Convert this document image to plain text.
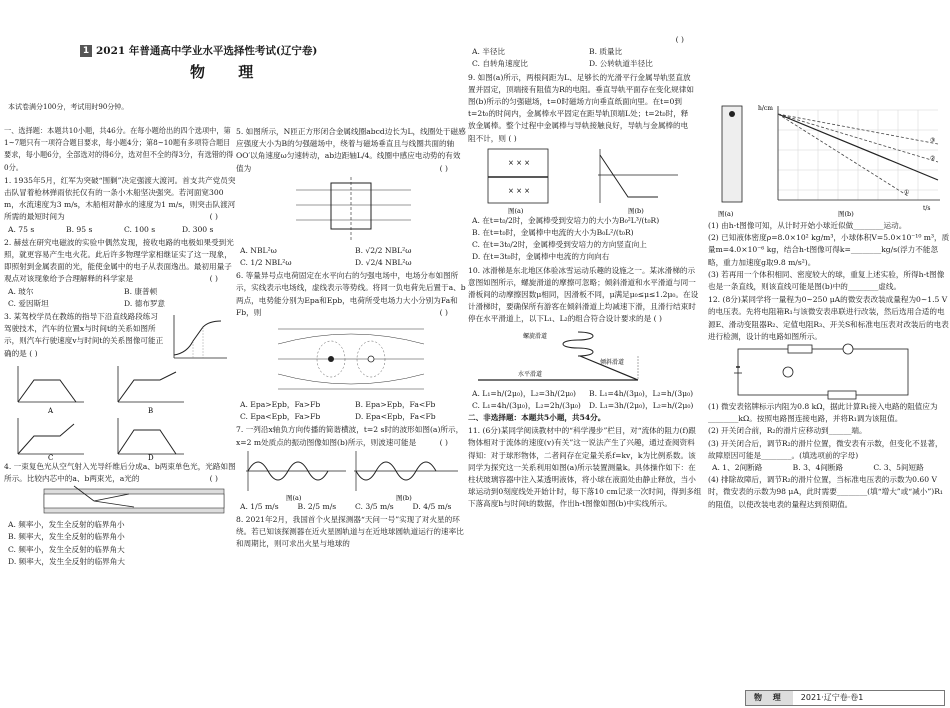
1 2021 年普通高中学业水平选择性考试(辽宁卷)
物 理
本试卷满分100分，考试用时90分钟。

一、选择题：本题共10小题，共46分。在每小题给出的四个选项中，第1~7题只有一项符合题目要求，每小题4分；第8~10题有多项符合题目要求，每小题6分，全部选对的得6分，选对但不全的得3分，有选错的得0分。

1. 1935年5月，红军为突破“围剿”决定强渡大渡河。首支共产党员突击队冒着枪林弹雨依托仅有的一条小木船坚决强突。若河面宽300 m，水流速度为3 m/s，木船相对静水的速度为1 m/s，则突击队渡河所需的最短时间为	( )

A. 75 s	B. 95 s	C. 100 s	D. 300 s

2. 赫兹在研究电磁波的实验中偶然发现，接收电路的电极如果受到光照，就更容易产生电火花。此后许多物理学家相继证实了这一现象，即照射到金属表面的光，能使金属中的电子从表面逸出。最初用量子观点对该现象给予合理解释的科学家是	( )

A. 玻尔	B. 康普顿
C. 爱因斯坦	D. 德布罗意

3. 某驾校学员在教练的指导下沿直线路段练习驾驶技术，汽车的位置x与时间t的关系如图所示，则汽车行驶速度v与时间t的关系图像可能正确的是 ( )

A	B
C	D

4. 一束复色光从空气射入光导纤维后分成a、b两束单色光，光路如图所示。比较内芯中的a、b两束光，a光的	( )

A. 频率小，发生全反射的临界角小

B. 频率大，发生全反射的临界角小

C. 频率小，发生全反射的临界角大

D. 频率大，发生全反射的临界角大

5. 如图所示，N匝正方形闭合金属线圈abcd边长为L，线圈处于磁感应强度大小为B的匀强磁场中，绕着与磁场垂直且与线圈共面的轴OO′以角速度ω匀速转动，ab边距轴L/4。线圈中感应电动势的有效值为	( )

A. NBL²ω	B. √2/2 NBL²ω
C. 1/2 NBL²ω	D. √2/4 NBL²ω

6. 等量异号点电荷固定在水平向右的匀强电场中，电场分布如图所示，实线表示电场线，虚线表示等势线。将同一负电荷先后置于a、b两点，电势能分别为Epa和Epb，电荷所受电场力大小分别为Fa和Fb，则	( )

A. Epa>Epb，Fa>Fb	B. Epa>Epb，Fa<Fb
C. Epa<Epb，Fa>Fb	D. Epa<Epb，Fa<Fb

7. 一列沿x轴负方向传播的简谐横波，t=2 s时的波形如图(a)所示，x=2 m处质点的振动图像如图(b)所示，则波速可能是	( )

图(a)	图(b)
A. 1/5 m/s	B. 2/5 m/s	C. 3/5 m/s	D. 4/5 m/s

8. 2021年2月，我国首个火星探测器“天问一号”实现了对火星的环绕。若已知该探测器在近火星圆轨道与在近地球圆轨道运行的速率比和周期比，则可求出火星与地球的

( )

A. 半径比	B. 质量比
C. 自转角速度比	D. 公转轨道半径比

9. 如图(a)所示，两根间距为L、足够长的光滑平行金属导轨竖直放置并固定，顶端接有阻值为R的电阻。垂直导轨平面存在变化规律如图(b)所示的匀强磁场，t=0时磁场方向垂直纸面向里。在t=0到t=2t₀的时间内，金属棒水平固定在距导轨顶端L处；t=2t₀时，释放金属棒。整个过程中金属棒与导轨接触良好，导轨与金属棒的电阻不计，则 ( )

× × ×
× × ×
图(a)	图(b)

A. 在t=t₀/2时，金属棒受到安培力的大小为B₀²L³/(t₀R)

B. 在t=t₀时，金属棒中电流的大小为B₀L²/(t₀R)

C. 在t=3t₀/2时，金属棒受到安培力的方向竖直向上

D. 在t=3t₀时，金属棒中电流的方向向右

10. 冰滑梯是东北地区体验冰雪运动乐趣的设施之一。某冰滑梯的示意图如图所示，螺旋滑道的摩擦可忽略；倾斜滑道和水平滑道与同一滑板间的动摩擦因数μ相同，因滑板不同，μ满足μ₀≤μ≤1.2μ₀。在设计滑梯时，要确保所有游客在倾斜滑道上均减速下滑，且滑行结束时停在水平滑道上，以下L₁、L₂的组合符合设计要求的是 ( )

螺旋滑道
倾斜滑道
水平滑道
A. L₁=h/(2μ₀)，L₂=3h/(2μ₀)	B. L₁=4h/(3μ₀)，L₂=h/(3μ₀)
C. L₁=4h/(3μ₀)，L₂=2h/(3μ₀)	D. L₁=3h/(2μ₀)，L₂=h/(2μ₀)

二、非选择题：本题共5小题，共54分。

11. (6分)某同学阅读教材中的“科学漫步”栏目，对“流体的阻力(f)跟物体相对于流体的速度(v)有关”这一说法产生了兴趣，通过查阅资料得知：对于球形物体，二者间存在定量关系f=kv，k为比例系数。该同学为探究这一关系利用如图(a)所示装置测量k。具体操作如下：在柱状玻璃容器中注入某透明液体，将小球在液面处由静止释放，当小球运动到0刻度线处开始计时，每下落10 cm记录一次时间，得到多组下落高度h与时间t的数据，作出h-t图像如图(b)中实线所示。

h/cm
t/s
①
②
③
图(a)	图(b)

(1) 由h-t图像可知，从计时开始小球近似做________运动。

(2) 已知液体密度ρ=8.0×10² kg/m³，小球体积V=5.0×10⁻¹⁰ m³，质量m=4.0×10⁻⁶ kg，结合h-t图像可得k=________kg/s(浮力不能忽略，重力加速度g取9.8 m/s²)。

(3) 若再用一个体积相同、密度较大的球，重复上述实验，所得h-t图像也是一条直线，则该直线可能是图(b)中的________虚线。

12. (8分)某同学将一量程为0~250 μA的微安表改装成量程为0~1.5 V的电压表。先将电阻箱R₁与该微安表串联进行改装，然后选用合适的电源E、滑动变阻器R₂、定值电阻R₃、开关S和标准电压表对改装后的电表进行检测，设计的电路如图所示。

(1) 微安表铭牌标示内阻为0.8 kΩ，据此计算R₁接入电路的阻值应为________kΩ。按照电路图连接电路，并将R₁调为该阻值。

(2) 开关闭合前，R₂的滑片应移动到______端。

(3) 开关闭合后，调节R₂的滑片位置，微安表有示数，但变化不显著，故障原因可能是________。(填选项前的字母)

A. 1、2间断路	B. 3、4间断路	C. 3、5间短路

(4) 排除故障后，调节R₂的滑片位置，当标准电压表的示数为0.60 V时，微安表的示数为98 μA，此时需要________(填“增大”或“减小”)R₁的阻值，以使改装电表的量程达到预期值。

物 理	2021·辽宁卷·卷1
